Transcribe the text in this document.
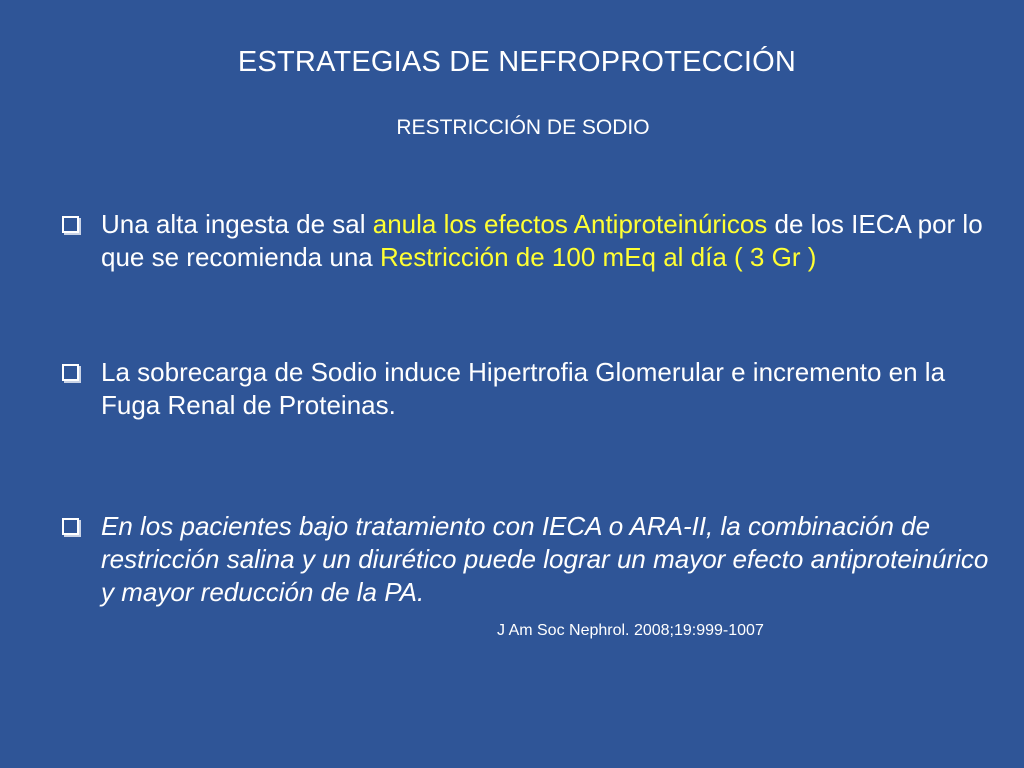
ESTRATEGIAS DE NEFROPROTECCIÓN
RESTRICCIÓN DE SODIO
Una alta ingesta de sal anula los efectos Antiproteinúricos de los IECA por lo que se recomienda una Restricción de 100 mEq al día ( 3 Gr )
La sobrecarga de Sodio induce Hipertrofia Glomerular e incremento en la Fuga Renal de Proteinas.
En los pacientes bajo tratamiento con IECA o ARA-II, la combinación de restricción salina y un diurético puede lograr un mayor efecto antiproteinúrico y mayor reducción de la PA.
J Am Soc Nephrol. 2008;19:999-1007
